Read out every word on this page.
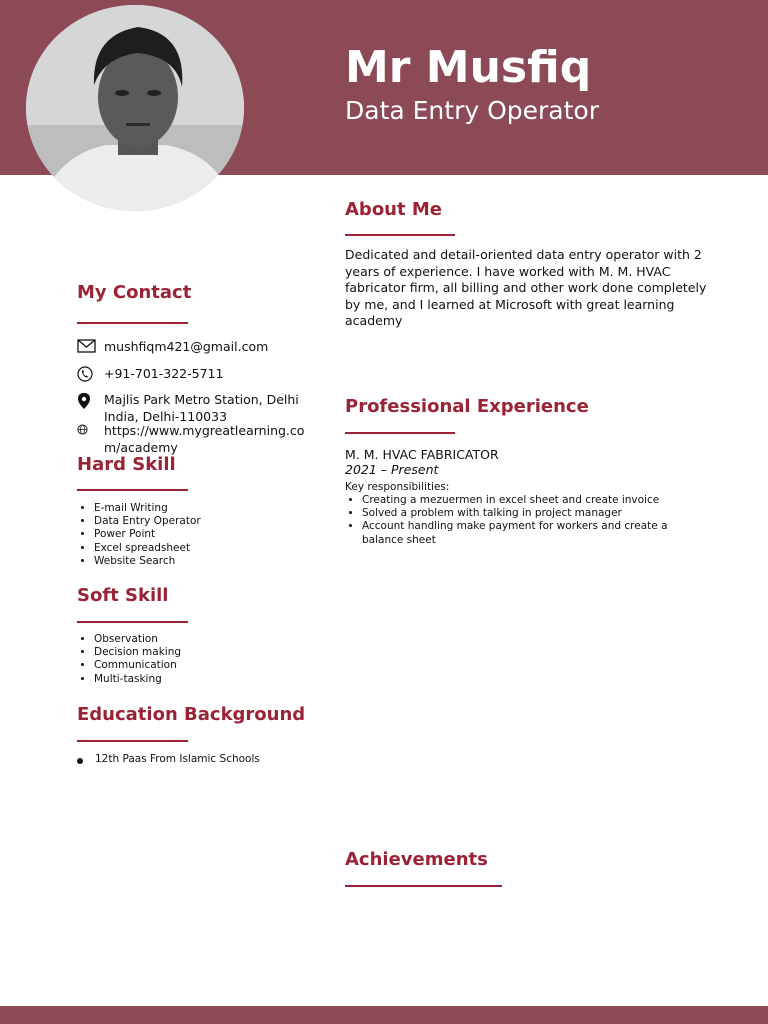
Mr Musfiq
Data Entry Operator
About Me
Dedicated and detail-oriented data entry operator with 2 years of experience. I have worked with M. M. HVAC fabricator firm, all billing and other work done completely by me, and I learned at Microsoft with great learning academy
My Contact
mushfiqm421@gmail.com
+91-701-322-5711
Majlis Park Metro Station, Delhi India, Delhi-110033
https://www.mygreatlearning.com/academy
Hard Skill
• E-mail Writing
• Data Entry Operator
• Power Point
• Excel spreadsheet
• Website Search
Soft Skill
• Observation
• Decision making
• Communication
• Multi-tasking
Education Background
12th Paas From Islamic Schools
Professional Experience
M. M. HVAC FABRICATOR
2021 – Present
Key responsibilities:
• Creating a mezuermen in excel sheet and create invoice
• Solved a problem with talking in project manager
• Account handling make payment for workers and create a balance sheet
Achievements
